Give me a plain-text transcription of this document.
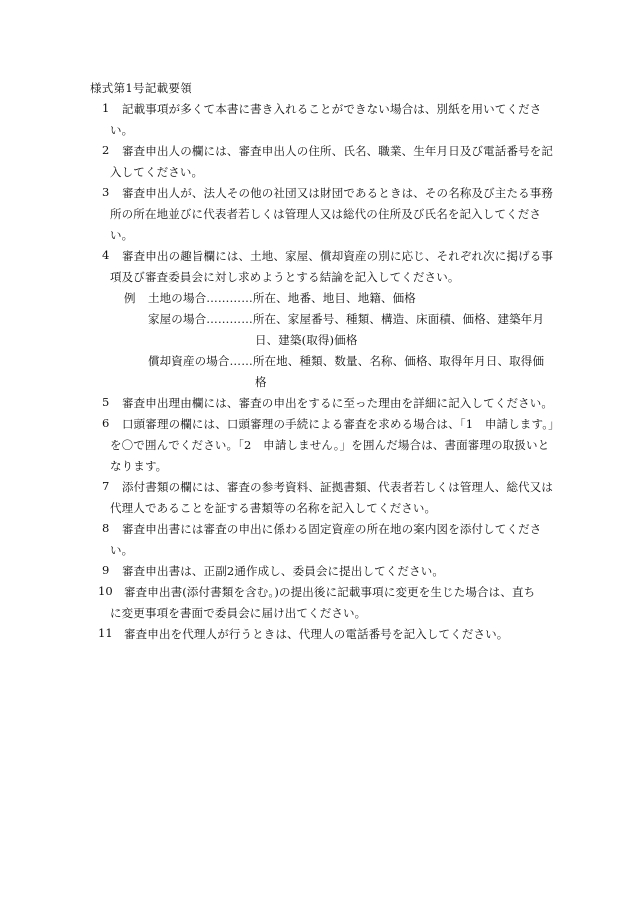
様式第1号記載要領
1 記載事項が多くて本書に書き入れることができない場合は、別紙を用いてくださ
い。
2 審査申出人の欄には、審査申出人の住所、氏名、職業、生年月日及び電話番号を記
入してください。
3 審査申出人が、法人その他の社団又は財団であるときは、その名称及び主たる事務
所の所在地並びに代表者若しくは管理人又は総代の住所及び氏名を記入してくださ
い。
4 審査申出の趣旨欄には、土地、家屋、償却資産の別に応じ、それぞれ次に掲げる事
項及び審査委員会に対し求めようとする結論を記入してください。
例 土地の場合…………所在、地番、地目、地籍、価格
家屋の場合…………所在、家屋番号、種類、構造、床面積、価格、建築年月
日、建築(取得)価格
償却資産の場合……所在地、種類、数量、名称、価格、取得年月日、取得価
格
5 審査申出理由欄には、審査の申出をするに至った理由を詳細に記入してください。
6 口頭審理の欄には、口頭審理の手続による審査を求める場合は、「1　申請します。」
を〇で囲んでください。「2　申請しません。」を囲んだ場合は、書面審理の取扱いと
なります。
7 添付書類の欄には、審査の参考資料、証拠書類、代表者若しくは管理人、総代又は
代理人であることを証する書類等の名称を記入してください。
8 審査申出書には審査の申出に係わる固定資産の所在地の案内図を添付してくださ
い。
9 審査申出書は、正副2通作成し、委員会に提出してください。
10 審査申出書(添付書類を含む。)の提出後に記載事項に変更を生じた場合は、直ち
に変更事項を書面で委員会に届け出てください。
11 審査申出を代理人が行うときは、代理人の電話番号を記入してください。
